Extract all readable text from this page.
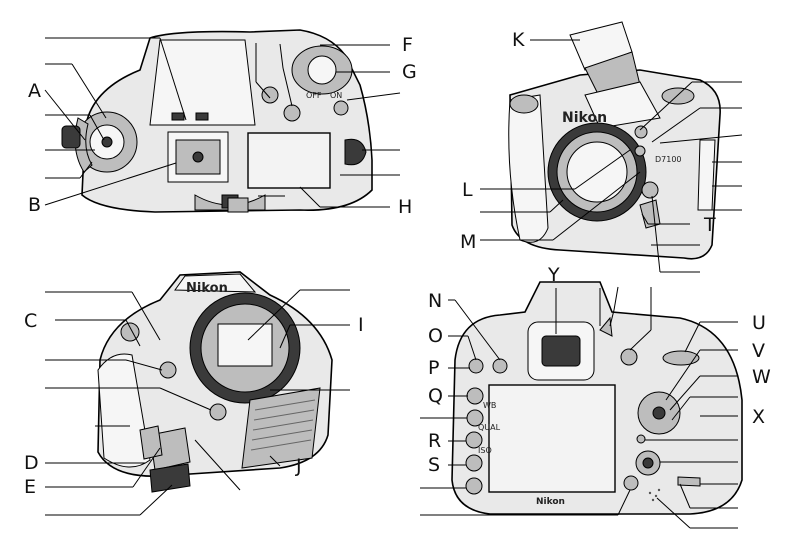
OFF ON
Nikon
D7100
Nikon
Nikon
WB
QUAL
ISO
A
B
C
D
E
F
G
H
I
J
K
L
M
N
O
P
Q
R
S
T
U
V
W
X
Y
